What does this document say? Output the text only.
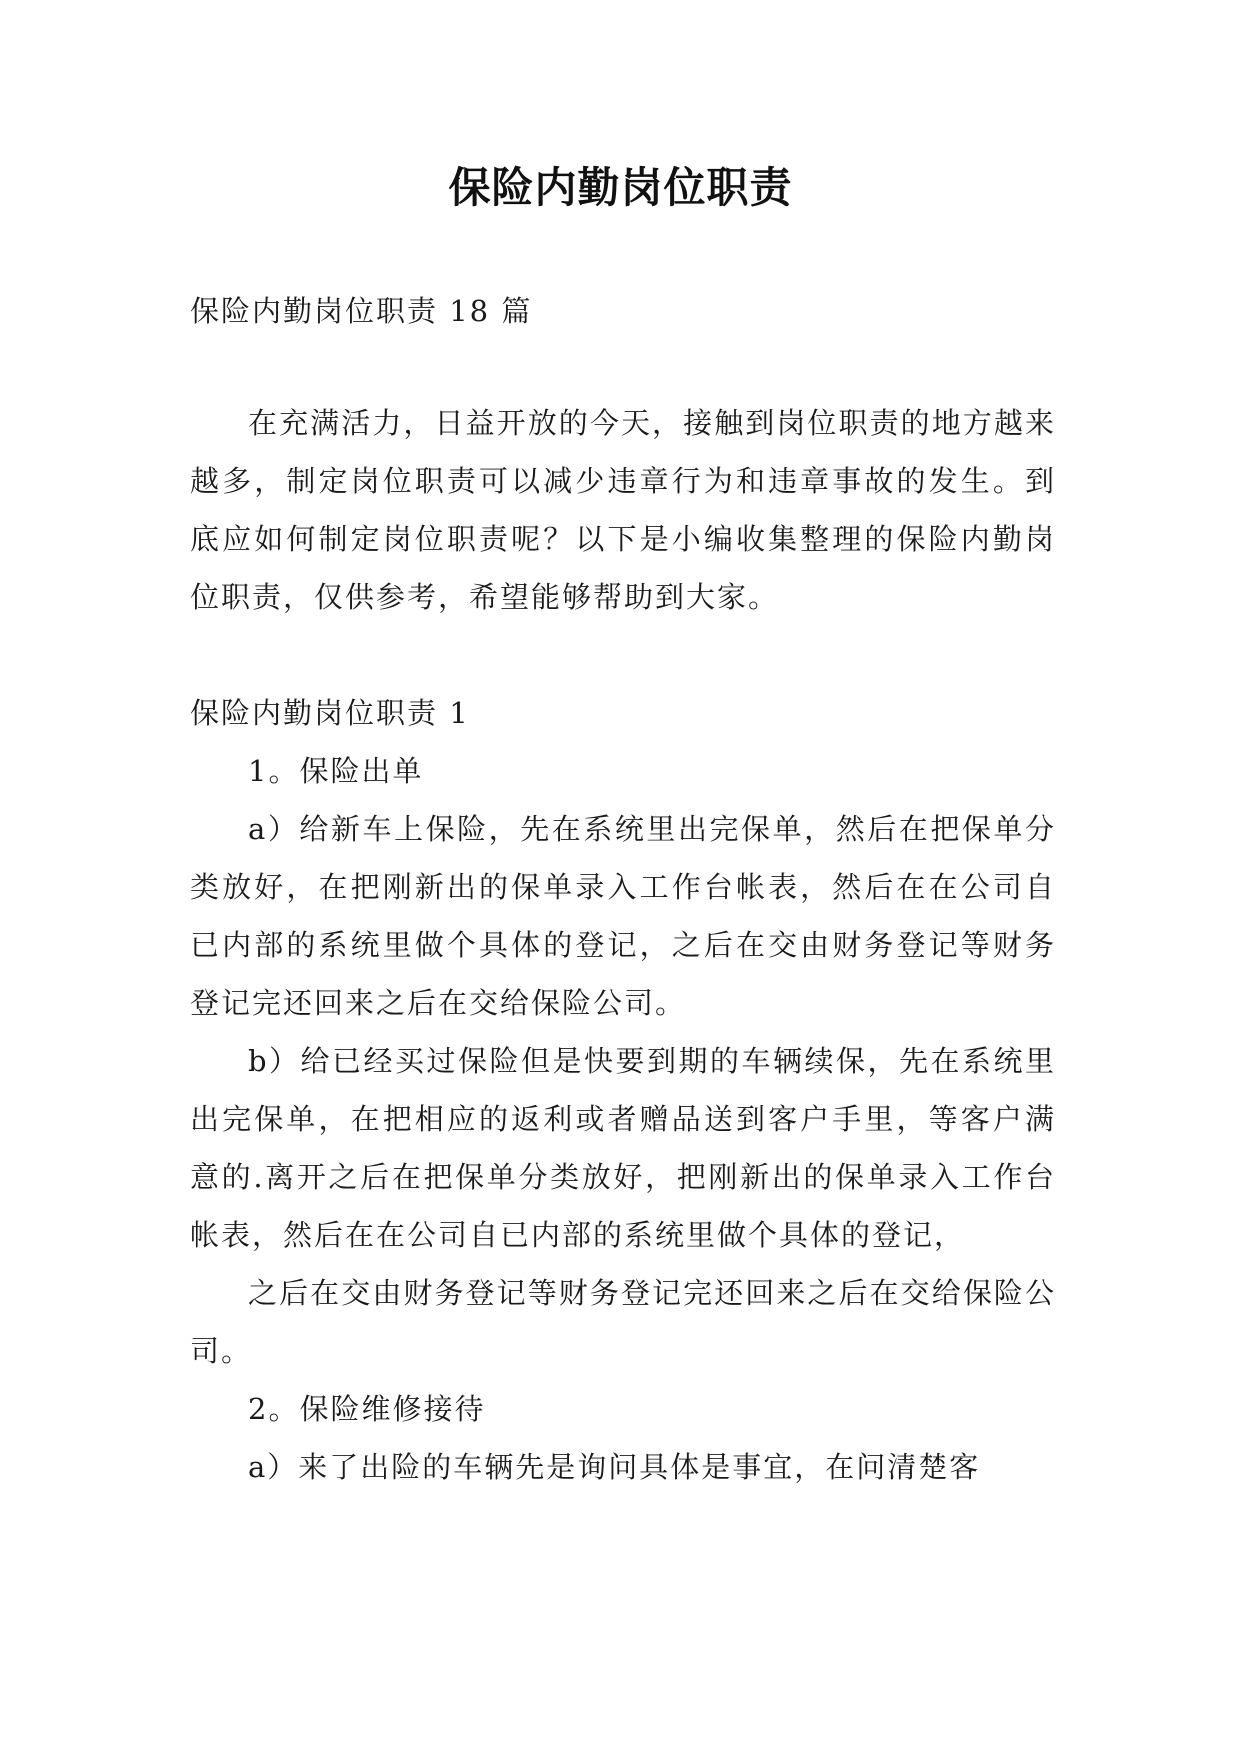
保险内勤岗位职责

保险内勤岗位职责 18 篇

在充满活力，日益开放的今天，接触到岗位职责的地方越来越多，制定岗位职责可以减少违章行为和违章事故的发生。到底应如何制定岗位职责呢？以下是小编收集整理的保险内勤岗位职责，仅供参考，希望能够帮助到大家。

保险内勤岗位职责 1

1。保险出单

a）给新车上保险，先在系统里出完保单，然后在把保单分类放好，在把刚新出的保单录入工作台帐表，然后在在公司自已内部的系统里做个具体的登记，之后在交由财务登记等财务登记完还回来之后在交给保险公司。

b）给已经买过保险但是快要到期的车辆续保，先在系统里出完保单，在把相应的返利或者赠品送到客户手里，等客户满意的.离开之后在把保单分类放好，把刚新出的保单录入工作台帐表，然后在在公司自已内部的系统里做个具体的登记，

之后在交由财务登记等财务登记完还回来之后在交给保险公司。

2。保险维修接待

a）来了出险的车辆先是询问具体是事宜，在问清楚客
